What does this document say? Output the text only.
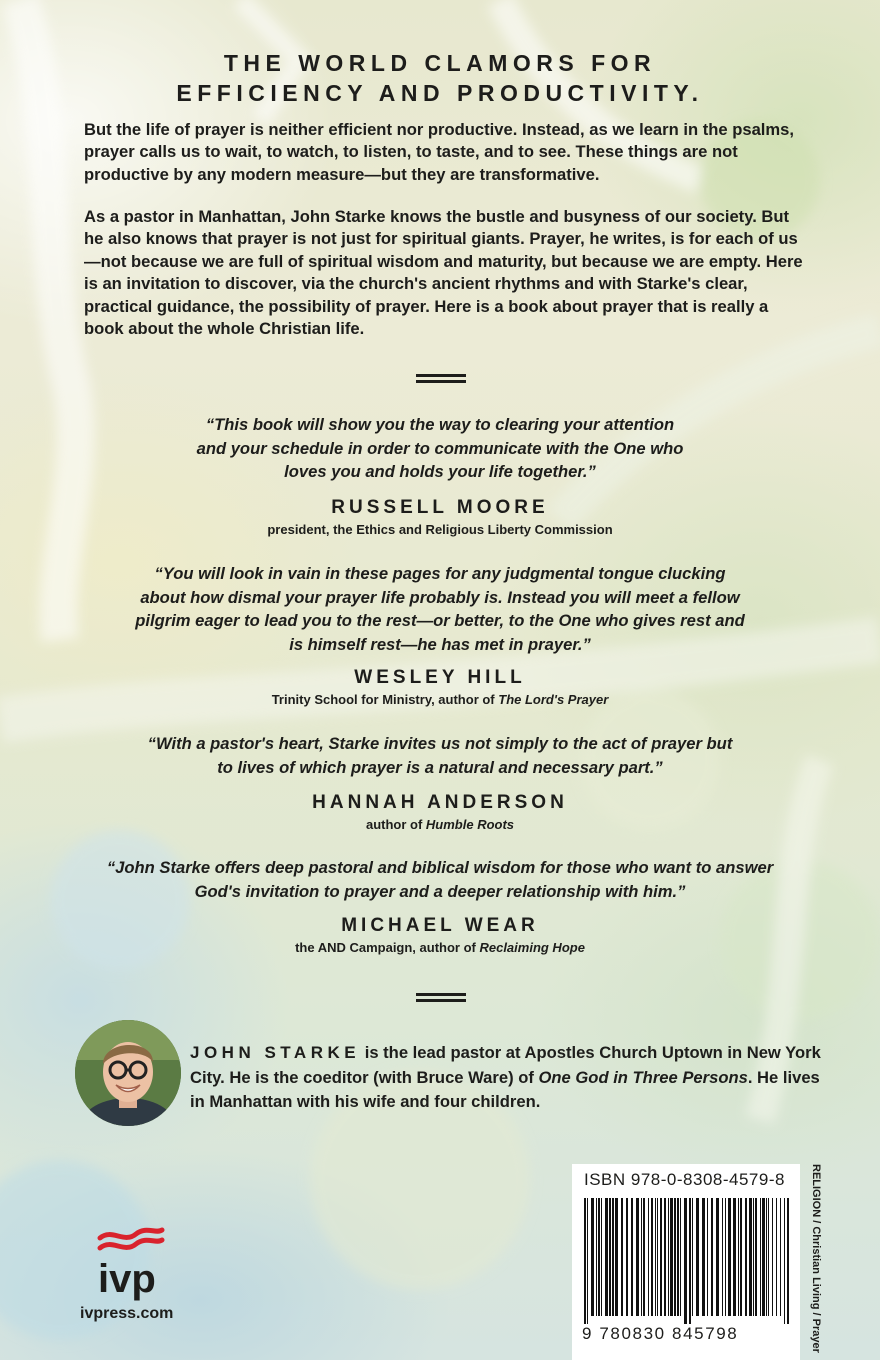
THE WORLD CLAMORS FOR
EFFICIENCY AND PRODUCTIVITY.
But the life of prayer is neither efficient nor productive. Instead, as we learn in the psalms, prayer calls us to wait, to watch, to listen, to taste, and to see. These things are not productive by any modern measure—but they are transformative.
As a pastor in Manhattan, John Starke knows the bustle and busyness of our society. But he also knows that prayer is not just for spiritual giants. Prayer, he writes, is for each of us—not because we are full of spiritual wisdom and maturity, but because we are empty. Here is an invitation to discover, via the church's ancient rhythms and with Starke's clear, practical guidance, the possibility of prayer. Here is a book about prayer that is really a book about the whole Christian life.
“This book will show you the way to clearing your attention and your schedule in order to communicate with the One who loves you and holds your life together.”
RUSSELL MOORE
president, the Ethics and Religious Liberty Commission
“You will look in vain in these pages for any judgmental tongue clucking about how dismal your prayer life probably is. Instead you will meet a fellow pilgrim eager to lead you to the rest—or better, to the One who gives rest and is himself rest—he has met in prayer.”
WESLEY HILL
Trinity School for Ministry, author of The Lord's Prayer
“With a pastor's heart, Starke invites us not simply to the act of prayer but to lives of which prayer is a natural and necessary part.”
HANNAH ANDERSON
author of Humble Roots
“John Starke offers deep pastoral and biblical wisdom for those who want to answer God's invitation to prayer and a deeper relationship with him.”
MICHAEL WEAR
the AND Campaign, author of Reclaiming Hope
JOHN STARKE is the lead pastor at Apostles Church Uptown in New York City. He is the coeditor (with Bruce Ware) of One God in Three Persons. He lives in Manhattan with his wife and four children.
ISBN 978-0-8308-4579-8
9 780830 845798	RELIGION / Christian Living / Prayer
ivp
ivpress.com
